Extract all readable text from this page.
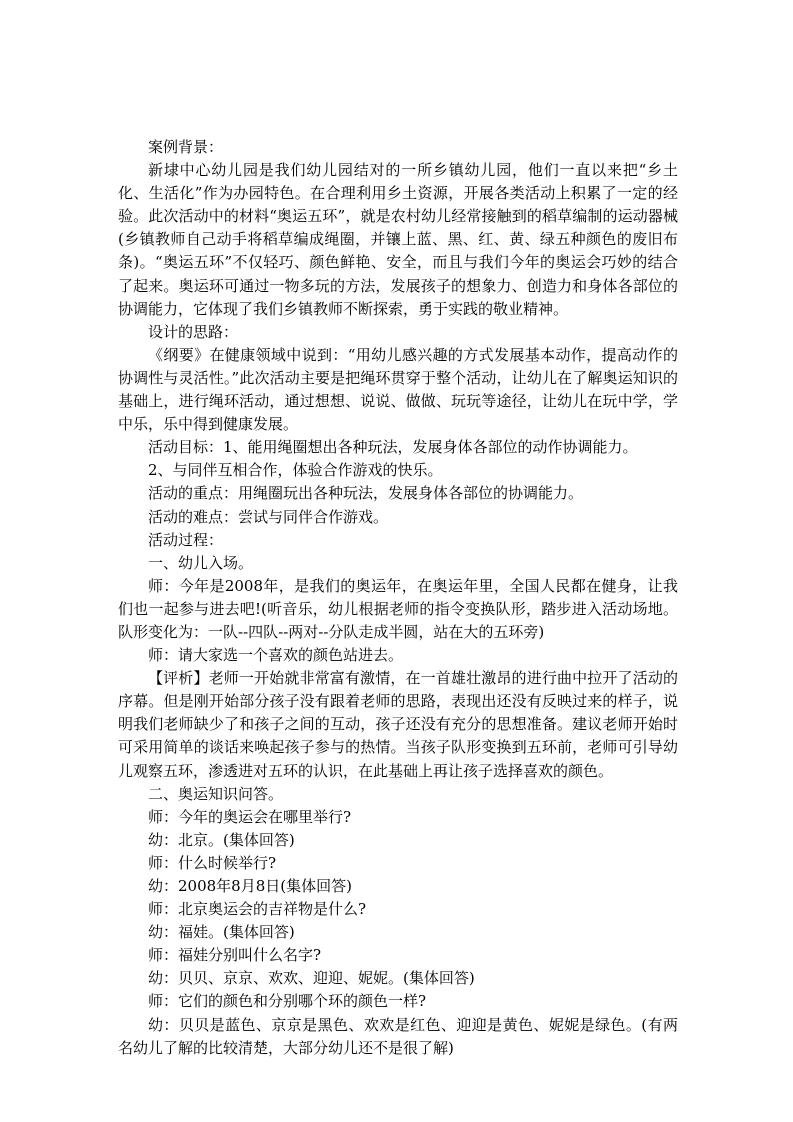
案例背景：

新埭中心幼儿园是我们幼儿园结对的一所乡镇幼儿园，他们一直以来把“乡土化、生活化”作为办园特色。在合理利用乡土资源，开展各类活动上积累了一定的经验。此次活动中的材料“奥运五环”，就是农村幼儿经常接触到的稻草编制的运动器械(乡镇教师自己动手将稻草编成绳圈，并镶上蓝、黑、红、黄、绿五种颜色的废旧布条)。“奥运五环”不仅轻巧、颜色鲜艳、安全，而且与我们今年的奥运会巧妙的结合了起来。奥运环可通过一物多玩的方法，发展孩子的想象力、创造力和身体各部位的协调能力，它体现了我们乡镇教师不断探索，勇于实践的敬业精神。

设计的思路：

《纲要》在健康领域中说到：“用幼儿感兴趣的方式发展基本动作，提高动作的协调性与灵活性。”此次活动主要是把绳环贯穿于整个活动，让幼儿在了解奥运知识的基础上，进行绳环活动，通过想想、说说、做做、玩玩等途径，让幼儿在玩中学，学中乐，乐中得到健康发展。

活动目标：1、能用绳圈想出各种玩法，发展身体各部位的动作协调能力。

2、与同伴互相合作，体验合作游戏的快乐。

活动的重点：用绳圈玩出各种玩法，发展身体各部位的协调能力。

活动的难点：尝试与同伴合作游戏。

活动过程：

一、幼儿入场。

师：今年是2008年，是我们的奥运年，在奥运年里，全国人民都在健身，让我们也一起参与进去吧!(听音乐，幼儿根据老师的指令变换队形，踏步进入活动场地。队形变化为：一队--四队--两对--分队走成半圆，站在大的五环旁)

师：请大家选一个喜欢的颜色站进去。

【评析】老师一开始就非常富有激情，在一首雄壮激昂的进行曲中拉开了活动的序幕。但是刚开始部分孩子没有跟着老师的思路，表现出还没有反映过来的样子，说明我们老师缺少了和孩子之间的互动，孩子还没有充分的思想准备。建议老师开始时可采用简单的谈话来唤起孩子参与的热情。当孩子队形变换到五环前，老师可引导幼儿观察五环，渗透进对五环的认识，在此基础上再让孩子选择喜欢的颜色。

二、奥运知识问答。

师：今年的奥运会在哪里举行?

幼：北京。(集体回答)

师：什么时候举行?

幼：2008年8月8日(集体回答)

师：北京奥运会的吉祥物是什么?

幼：福娃。(集体回答)

师：福娃分别叫什么名字?

幼：贝贝、京京、欢欢、迎迎、妮妮。(集体回答)

师：它们的颜色和分别哪个环的颜色一样?

幼：贝贝是蓝色、京京是黑色、欢欢是红色、迎迎是黄色、妮妮是绿色。(有两名幼儿了解的比较清楚，大部分幼儿还不是很了解)
